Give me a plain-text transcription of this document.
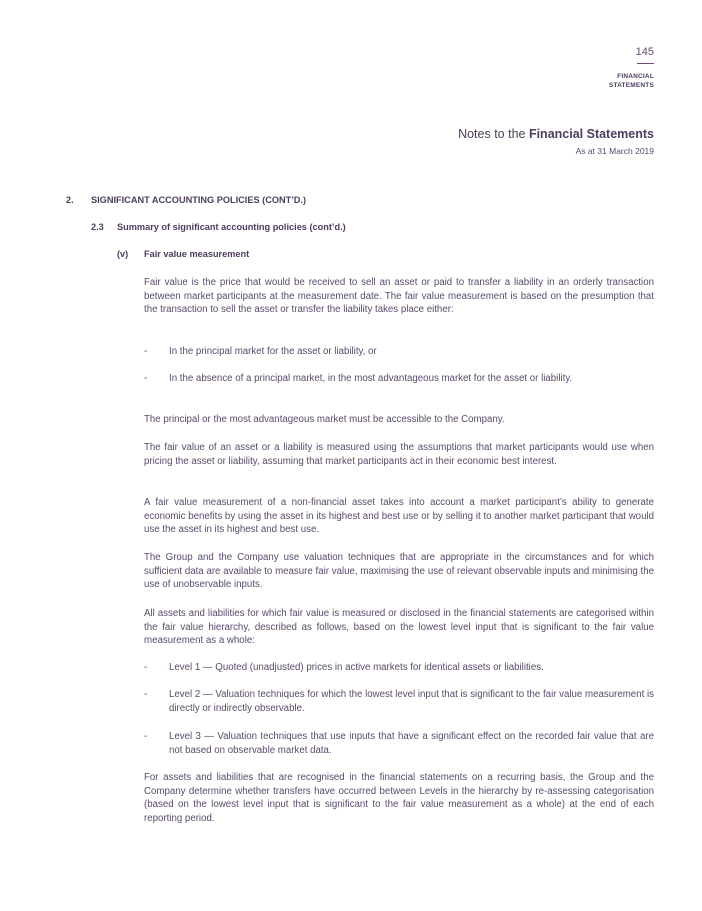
145
FINANCIAL
STATEMENTS
Notes to the Financial Statements
As at 31 March 2019
2. SIGNIFICANT ACCOUNTING POLICIES (CONT’D.)
2.3 Summary of significant accounting policies (cont’d.)
(v) Fair value measurement
Fair value is the price that would be received to sell an asset or paid to transfer a liability in an orderly transaction between market participants at the measurement date. The fair value measurement is based on the presumption that the transaction to sell the asset or transfer the liability takes place either:
- In the principal market for the asset or liability, or
- In the absence of a principal market, in the most advantageous market for the asset or liability.
The principal or the most advantageous market must be accessible to the Company.
The fair value of an asset or a liability is measured using the assumptions that market participants would use when pricing the asset or liability, assuming that market participants act in their economic best interest.
A fair value measurement of a non-financial asset takes into account a market participant’s ability to generate economic benefits by using the asset in its highest and best use or by selling it to another market participant that would use the asset in its highest and best use.
The Group and the Company use valuation techniques that are appropriate in the circumstances and for which sufficient data are available to measure fair value, maximising the use of relevant observable inputs and minimising the use of unobservable inputs.
All assets and liabilities for which fair value is measured or disclosed in the financial statements are categorised within the fair value hierarchy, described as follows, based on the lowest level input that is significant to the fair value measurement as a whole:
- Level 1 — Quoted (unadjusted) prices in active markets for identical assets or liabilities.
- Level 2 — Valuation techniques for which the lowest level input that is significant to the fair value measurement is directly or indirectly observable.
- Level 3 — Valuation techniques that use inputs that have a significant effect on the recorded fair value that are not based on observable market data.
For assets and liabilities that are recognised in the financial statements on a recurring basis, the Group and the Company determine whether transfers have occurred between Levels in the hierarchy by re-assessing categorisation (based on the lowest level input that is significant to the fair value measurement as a whole) at the end of each reporting period.
